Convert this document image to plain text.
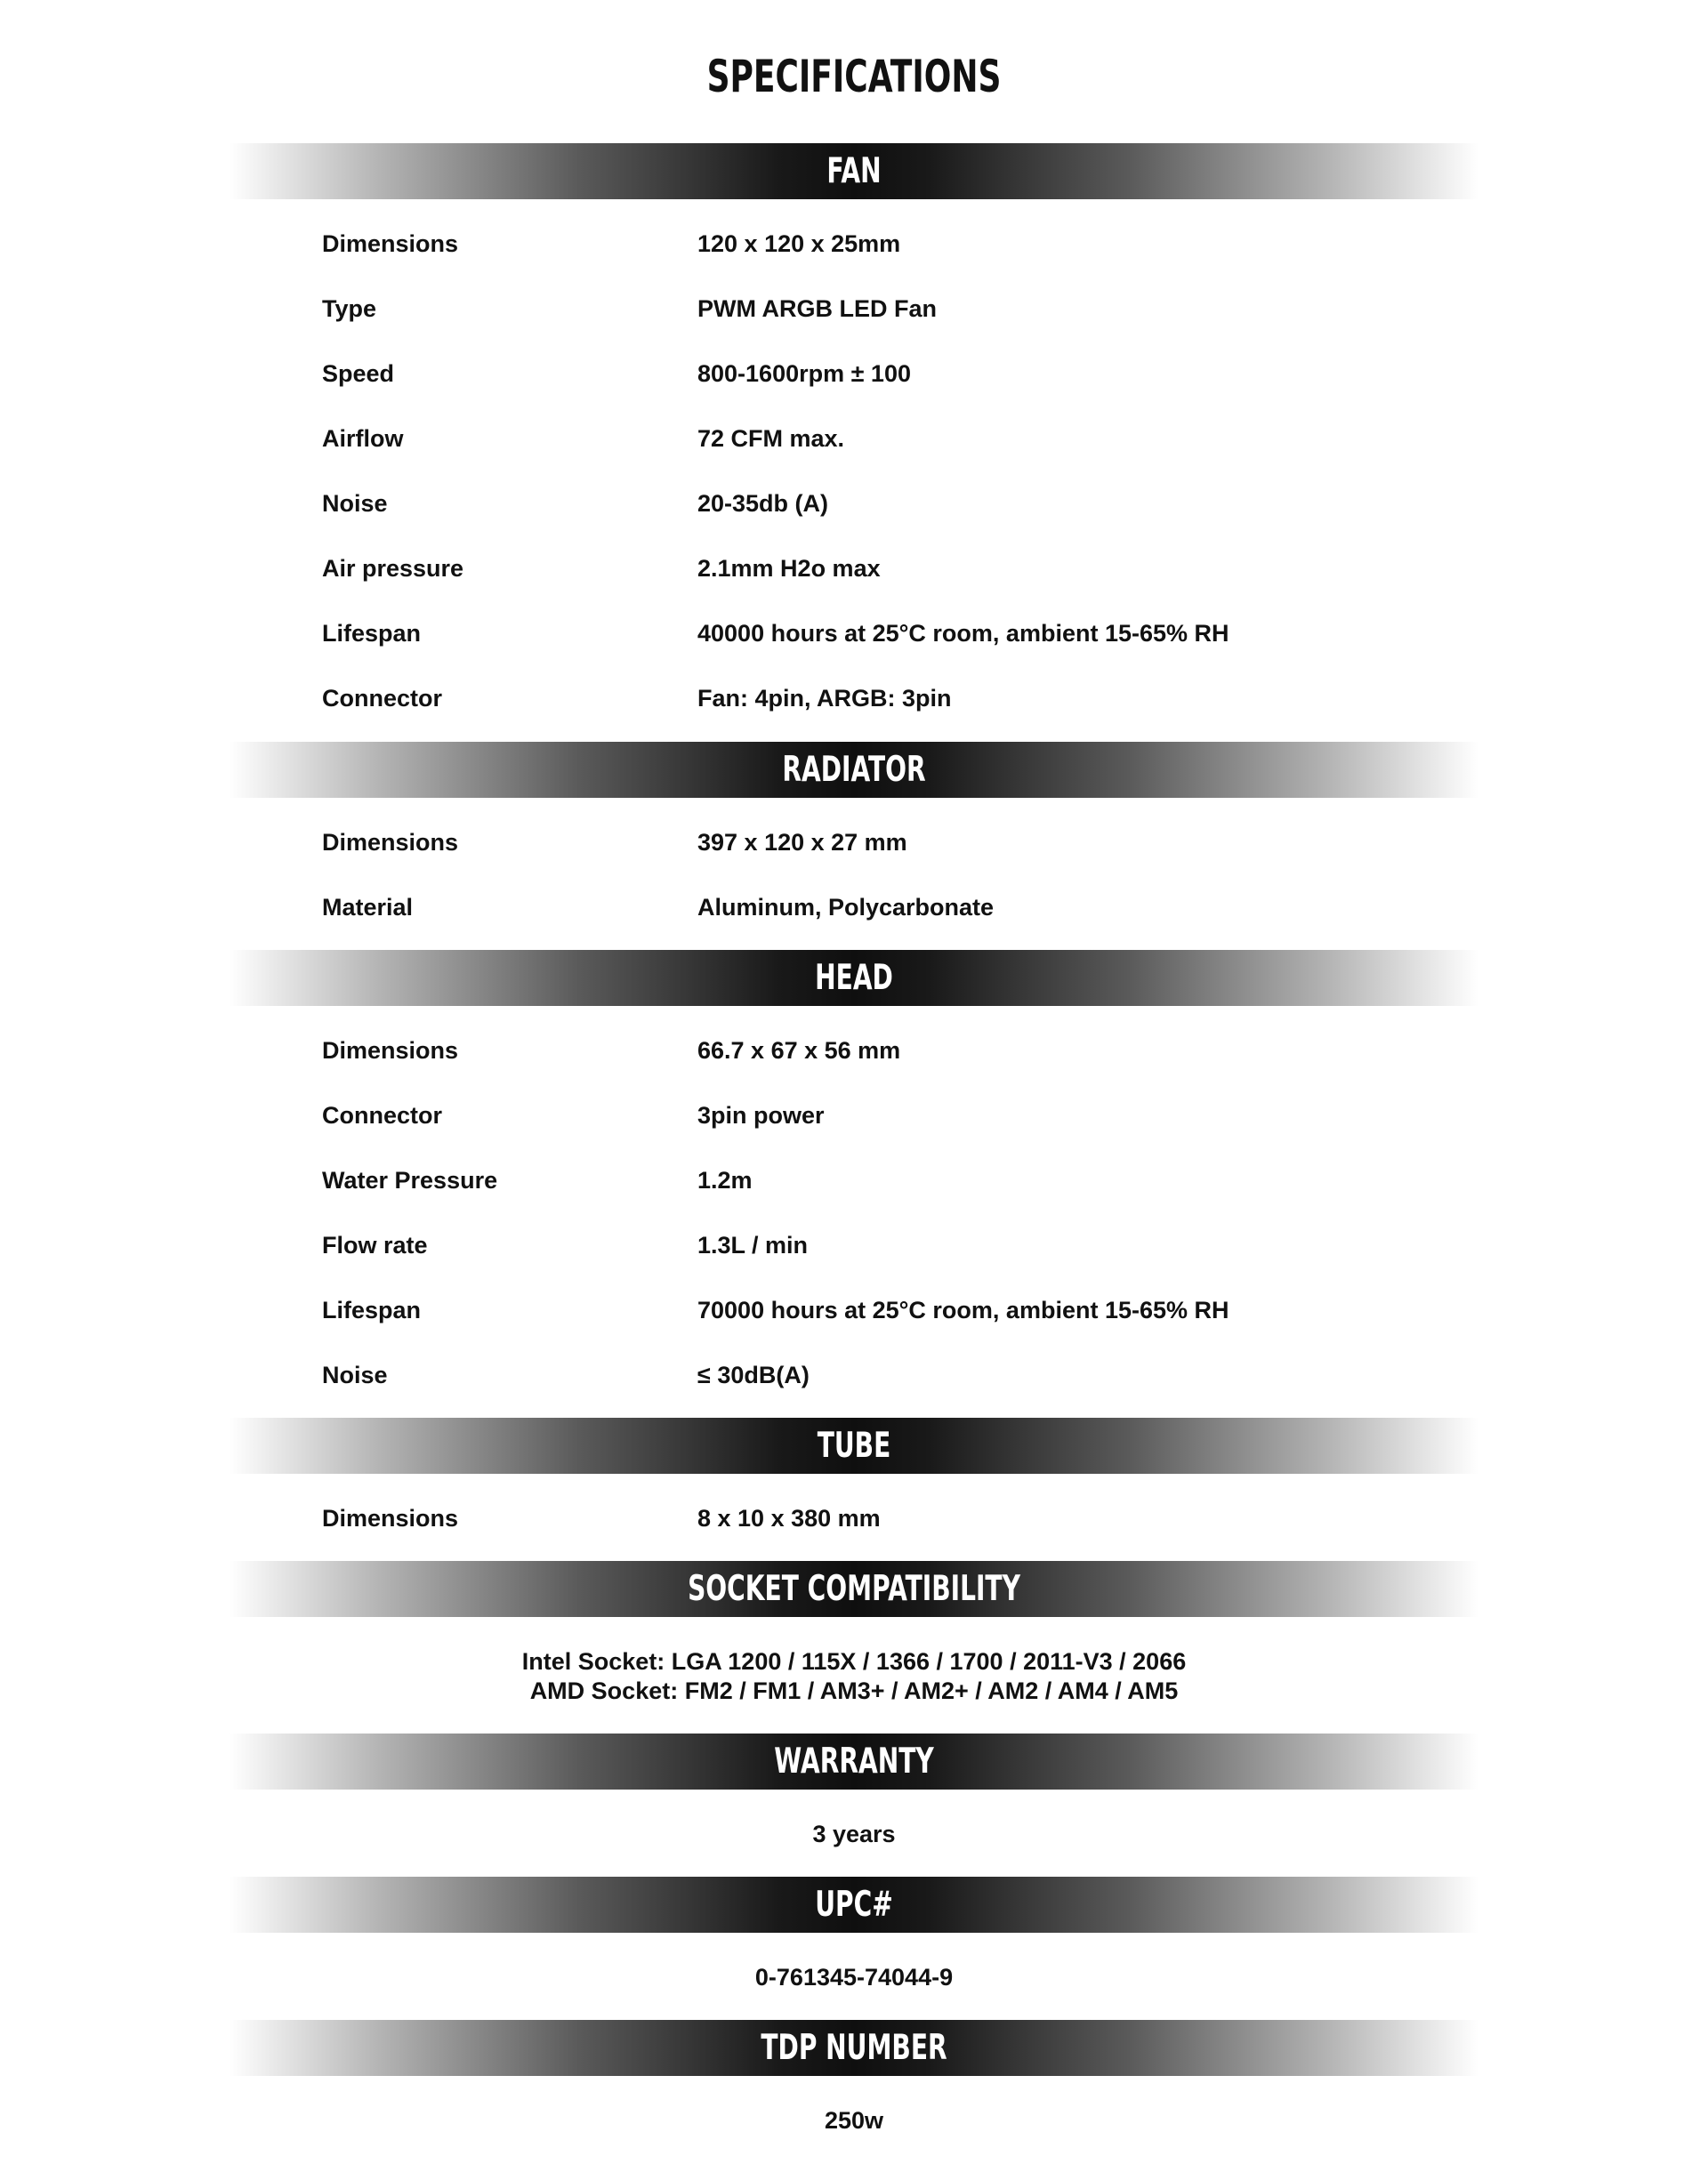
SPECIFICATIONS
FAN
Dimensions	120 x 120 x 25mm
Type	PWM ARGB LED Fan
Speed	800-1600rpm ± 100
Airflow	72 CFM max.
Noise	20-35db (A)
Air pressure	2.1mm H2o max
Lifespan	40000 hours at 25°C room, ambient 15-65% RH
Connector	Fan: 4pin, ARGB: 3pin
RADIATOR
Dimensions	397 x 120 x 27 mm
Material	Aluminum, Polycarbonate
HEAD
Dimensions	66.7 x 67 x 56 mm
Connector	3pin power
Water Pressure	1.2m
Flow rate	1.3L / min
Lifespan	70000 hours at 25°C room, ambient 15-65% RH
Noise	≤ 30dB(A)
TUBE
Dimensions	8 x 10 x 380 mm
SOCKET COMPATIBILITY
Intel Socket: LGA 1200 / 115X / 1366 / 1700 / 2011-V3 / 2066
AMD Socket: FM2 / FM1 / AM3+ / AM2+ / AM2 / AM4 / AM5
WARRANTY
3 years
UPC#
0-761345-74044-9
TDP NUMBER
250w
